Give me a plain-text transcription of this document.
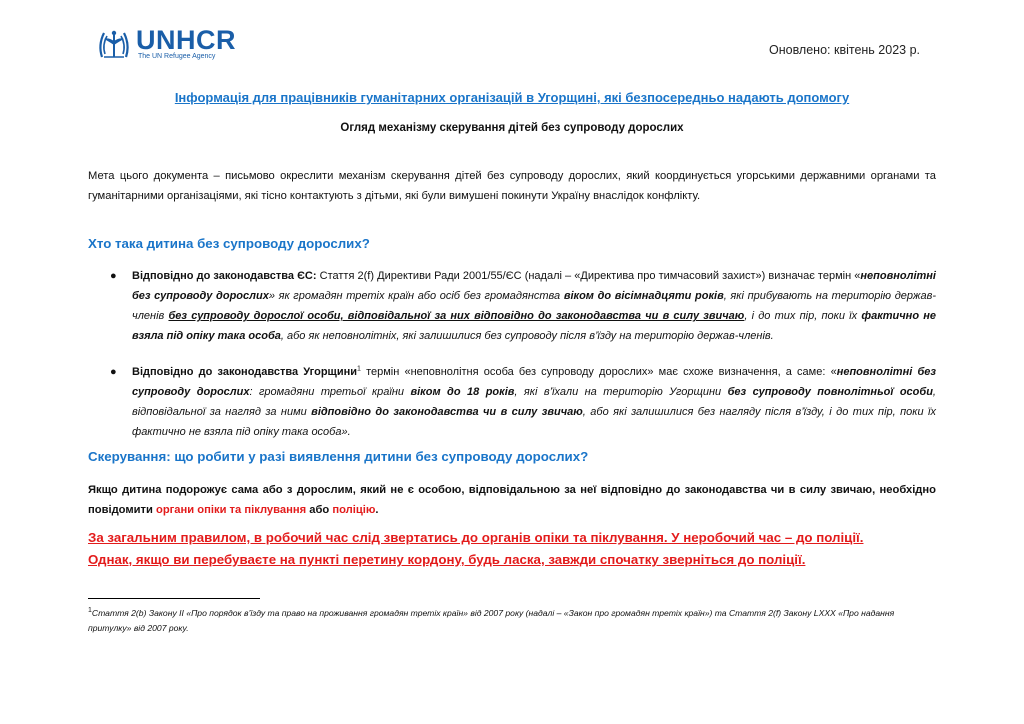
UNHCR
The UN Refugee Agency	Оновлено: квітень 2023 р.
Інформація для працівників гуманітарних організацій в Угорщині, які безпосередньо надають допомогу
Огляд механізму скерування дітей без супроводу дорослих
Мета цього документа – письмово окреслити механізм скерування дітей без супроводу дорослих, який координується угорськими державними органами та гуманітарними організаціями, які тісно контактують з дітьми, які були вимушені покинути Україну внаслідок конфлікту.
Хто така дитина без супроводу дорослих?
● Відповідно до законодавства ЄС: Стаття 2(f) Директиви Ради 2001/55/ЄС (надалі – «Директива про тимчасовий захист») визначає термін «неповнолітні без супроводу дорослих» як громадян третіх країн або осіб без громадянства віком до вісімнадцяти років, які прибувають на територію держав-членів без супроводу дорослої особи, відповідальної за них відповідно до законодавства чи в силу звичаю, і до тих пір, поки їх фактично не взяла під опіку така особа, або як неповнолітніх, які залишилися без супроводу після в’їзду на територію держав-членів.
● Відповідно до законодавства Угорщини$^1$ термін «неповнолітня особа без супроводу дорослих» має схоже визначення, а саме: «неповнолітні без супроводу дорослих: громадяни третьої країни віком до 18 років, які в’їхали на територію Угорщини без супроводу повнолітньої особи, відповідальної за нагляд за ними відповідно до законодавства чи в силу звичаю, або які залишилися без нагляду після в’їзду, і до тих пір, поки їх фактично не взяла під опіку така особа».
Скерування: що робити у разі виявлення дитини без супроводу дорослих?
Якщо дитина подорожує сама або з дорослим, який не є особою, відповідальною за неї відповідно до законодавства чи в силу звичаю, необхідно повідомити органи опіки та піклування або поліцію.
За загальним правилом, в робочий час слід звертатись до органів опіки та піклування. У неробочий час – до поліції.
Однак, якщо ви перебуваєте на пункті перетину кордону, будь ласка, завжди спочатку зверніться до поліції.
$^1$Стаття 2(b) Закону II «Про порядок в’їзду та право на проживання громадян третіх країн» від 2007 року (надалі – «Закон про громадян третіх країн») та Стаття 2(f) Закону LXXX «Про надання притулку» від 2007 року.
